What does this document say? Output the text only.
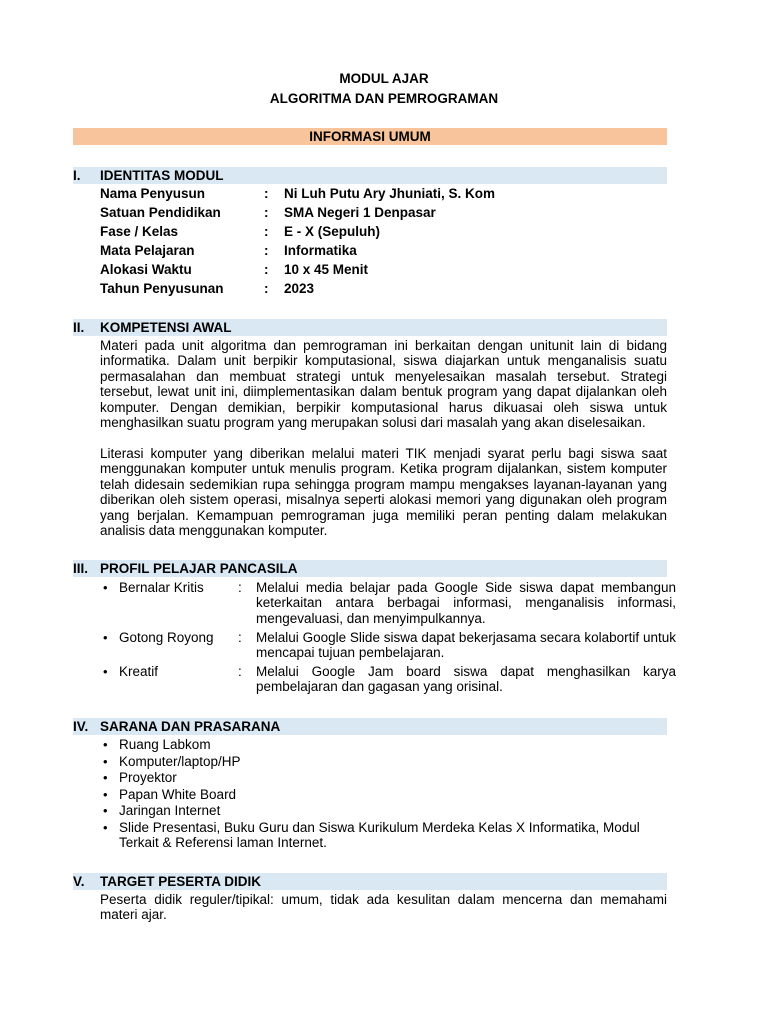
MODUL AJAR
ALGORITMA DAN PEMROGRAMAN
INFORMASI UMUM
I. IDENTITAS MODUL
Nama Penyusun	: Ni Luh Putu Ary Jhuniati, S. Kom
Satuan Pendidikan	: SMA Negeri 1 Denpasar
Fase / Kelas	: E - X (Sepuluh)
Mata Pelajaran	: Informatika
Alokasi Waktu	: 10 x 45 Menit
Tahun Penyusunan	: 2023
II. KOMPETENSI AWAL
Materi pada unit algoritma dan pemrograman ini berkaitan dengan unitunit lain di bidang informatika. Dalam unit berpikir komputasional, siswa diajarkan untuk menganalisis suatu permasalahan dan membuat strategi untuk menyelesaikan masalah tersebut. Strategi tersebut, lewat unit ini, diimplementasikan dalam bentuk program yang dapat dijalankan oleh komputer. Dengan demikian, berpikir komputasional harus dikuasai oleh siswa untuk menghasilkan suatu program yang merupakan solusi dari masalah yang akan diselesaikan.
Literasi komputer yang diberikan melalui materi TIK menjadi syarat perlu bagi siswa saat menggunakan komputer untuk menulis program. Ketika program dijalankan, sistem komputer telah didesain sedemikian rupa sehingga program mampu mengakses layanan-layanan yang diberikan oleh sistem operasi, misalnya seperti alokasi memori yang digunakan oleh program yang berjalan. Kemampuan pemrograman juga memiliki peran penting dalam melakukan analisis data menggunakan komputer.
III. PROFIL PELAJAR PANCASILA
• Bernalar Kritis	: Melalui media belajar pada Google Side siswa dapat membangun keterkaitan antara berbagai informasi, menganalisis informasi, mengevaluasi, dan menyimpulkannya.
• Gotong Royong : Melalui Google Slide siswa dapat bekerjasama secara kolabortif untuk mencapai tujuan pembelajaran.
• Kreatif	: Melalui Google Jam board siswa dapat menghasilkan karya pembelajaran dan gagasan yang orisinal.
IV. SARANA DAN PRASARANA
• Ruang Labkom
• Komputer/laptop/HP
• Proyektor
• Papan White Board
• Jaringan Internet
• Slide Presentasi, Buku Guru dan Siswa Kurikulum Merdeka Kelas X Informatika, Modul Terkait & Referensi laman Internet.
V. TARGET PESERTA DIDIK
Peserta didik reguler/tipikal: umum, tidak ada kesulitan dalam mencerna dan memahami materi ajar.
